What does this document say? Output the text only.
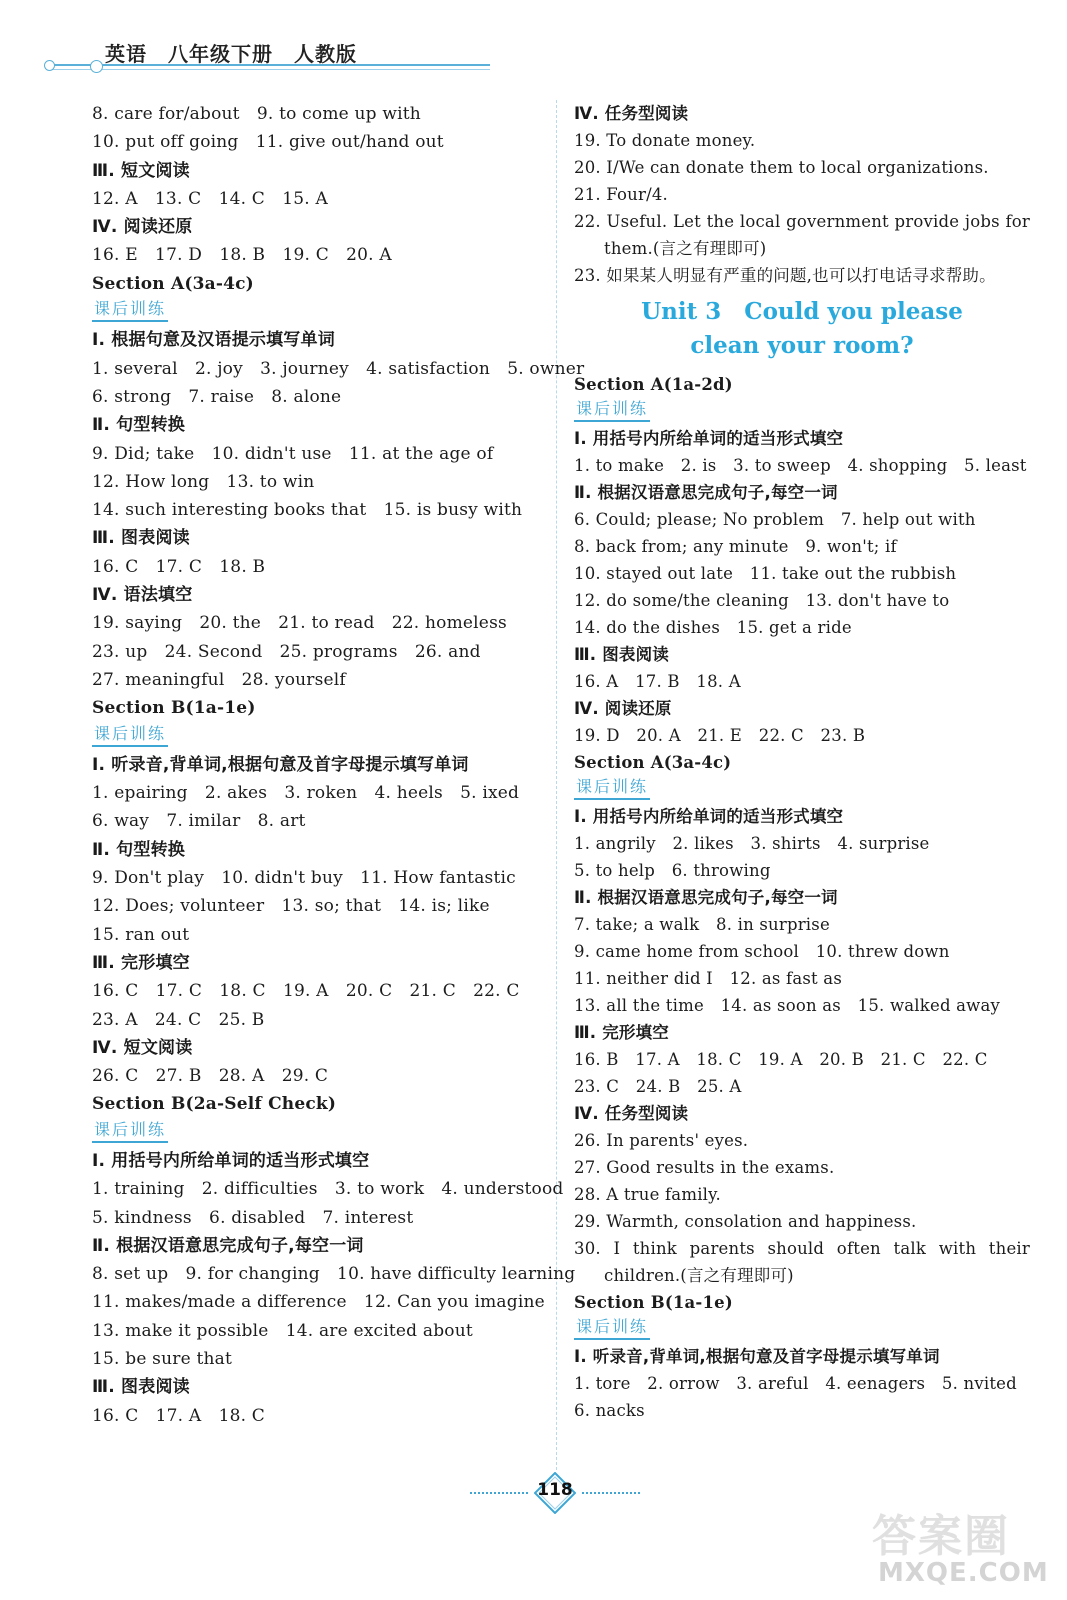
英语　八年级下册　人教版
8. care for/about　9. to come up with
10. put off going　11. give out/hand out
Ⅲ. 短文阅读
12. A　13. C　14. C　15. A
Ⅳ. 阅读还原
16. E　17. D　18. B　19. C　20. A
Section A(3a-4c)
课后训练
Ⅰ. 根据句意及汉语提示填写单词
1. several　2. joy　3. journey　4. satisfaction　5. owner
6. strong　7. raise　8. alone
Ⅱ. 句型转换
9. Did; take　10. didn't use　11. at the age of
12. How long　13. to win
14. such interesting books that　15. is busy with
Ⅲ. 图表阅读
16. C　17. C　18. B
Ⅳ. 语法填空
19. saying　20. the　21. to read　22. homeless
23. up　24. Second　25. programs　26. and
27. meaningful　28. yourself
Section B(1a-1e)
课后训练
Ⅰ. 听录音,背单词,根据句意及首字母提示填写单词
1. epairing　2. akes　3. roken　4. heels　5. ixed
6. way　7. imilar　8. art
Ⅱ. 句型转换
9. Don't play　10. didn't buy　11. How fantastic
12. Does; volunteer　13. so; that　14. is; like
15. ran out
Ⅲ. 完形填空
16. C　17. C　18. C　19. A　20. C　21. C　22. C
23. A　24. C　25. B
Ⅳ. 短文阅读
26. C　27. B　28. A　29. C
Section B(2a-Self Check)
课后训练
Ⅰ. 用括号内所给单词的适当形式填空
1. training　2. difficulties　3. to work　4. understood
5. kindness　6. disabled　7. interest
Ⅱ. 根据汉语意思完成句子,每空一词
8. set up　9. for changing　10. have difficulty learning
11. makes/made a difference　12. Can you imagine
13. make it possible　14. are excited about
15. be sure that
Ⅲ. 图表阅读
16. C　17. A　18. C
Ⅳ. 任务型阅读
19. To donate money.
20. I/We can donate them to local organizations.
21. Four/4.
22. Useful. Let the local government provide jobs for them.(言之有理即可)
23. 如果某人明显有严重的问题,也可以打电话寻求帮助。
Unit 3　Could you please
clean your room?
Section A(1a-2d)
课后训练
Ⅰ. 用括号内所给单词的适当形式填空
1. to make　2. is　3. to sweep　4. shopping　5. least
Ⅱ. 根据汉语意思完成句子,每空一词
6. Could; please; No problem　7. help out with
8. back from; any minute　9. won't; if
10. stayed out late　11. take out the rubbish
12. do some/the cleaning　13. don't have to
14. do the dishes　15. get a ride
Ⅲ. 图表阅读
16. A　17. B　18. A
Ⅳ. 阅读还原
19. D　20. A　21. E　22. C　23. B
Section A(3a-4c)
课后训练
Ⅰ. 用括号内所给单词的适当形式填空
1. angrily　2. likes　3. shirts　4. surprise
5. to help　6. throwing
Ⅱ. 根据汉语意思完成句子,每空一词
7. take; a walk　8. in surprise
9. came home from school　10. threw down
11. neither did I　12. as fast as
13. all the time　14. as soon as　15. walked away
Ⅲ. 完形填空
16. B　17. A　18. C　19. A　20. B　21. C　22. C
23. C　24. B　25. A
Ⅳ. 任务型阅读
26. In parents' eyes.
27. Good results in the exams.
28. A true family.
29. Warmth, consolation and happiness.
30. I think parents should often talk with their children.(言之有理即可)
Section B(1a-1e)
课后训练
Ⅰ. 听录音,背单词,根据句意及首字母提示填写单词
1. tore　2. orrow　3. areful　4. eenagers　5. nvited
6. nacks
118
答案圈
MXQE.COM
